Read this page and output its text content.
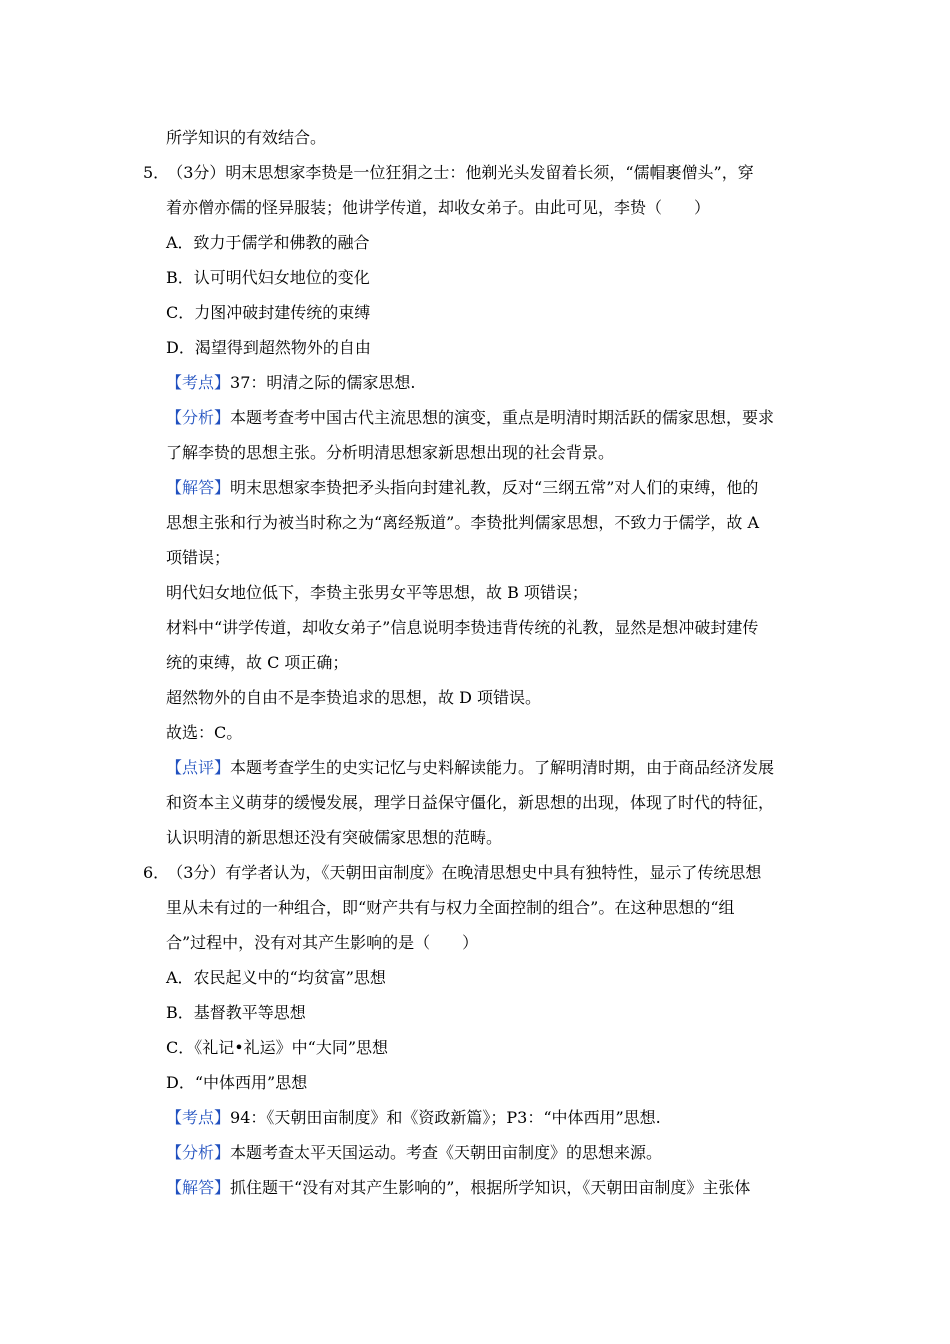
所学知识的有效结合。
5． （3分）明末思想家李贽是一位狂狷之士：他剃光头发留着长须，“儒帽裹僧头”，穿
着亦僧亦儒的怪异服装；他讲学传道，却收女弟子。由此可见，李贽（　　）
A．致力于儒学和佛教的融合
B．认可明代妇女地位的变化
C．力图冲破封建传统的束缚
D．渴望得到超然物外的自由
【考点】37：明清之际的儒家思想.
【分析】本题考查考中国古代主流思想的演变，重点是明清时期活跃的儒家思想，要求
了解李贽的思想主张。分析明清思想家新思想出现的社会背景。
【解答】明末思想家李贽把矛头指向封建礼教，反对“三纲五常”对人们的束缚，他的
思想主张和行为被当时称之为“离经叛道”。李贽批判儒家思想，不致力于儒学，故 A
项错误；
明代妇女地位低下，李贽主张男女平等思想，故 B 项错误；
材料中“讲学传道，却收女弟子”信息说明李贽违背传统的礼教，显然是想冲破封建传
统的束缚，故 C 项正确；
超然物外的自由不是李贽追求的思想，故 D 项错误。
故选：C。
【点评】本题考查学生的史实记忆与史料解读能力。了解明清时期，由于商品经济发展
和资本主义萌芽的缓慢发展，理学日益保守僵化，新思想的出现，体现了时代的特征，
认识明清的新思想还没有突破儒家思想的范畴。
6． （3分）有学者认为，《天朝田亩制度》在晚清思想史中具有独特性，显示了传统思想
里从未有过的一种组合，即“财产共有与权力全面控制的组合”。在这种思想的“组
合”过程中，没有对其产生影响的是（　　）
A．农民起义中的“均贫富”思想
B．基督教平等思想
C．《礼记•礼运》中“大同”思想
D．“中体西用”思想
【考点】94：《天朝田亩制度》和《资政新篇》；P3：“中体西用”思想.
【分析】本题考查太平天国运动。考查《天朝田亩制度》的思想来源。
【解答】抓住题干“没有对其产生影响的”，根据所学知识，《天朝田亩制度》主张体
